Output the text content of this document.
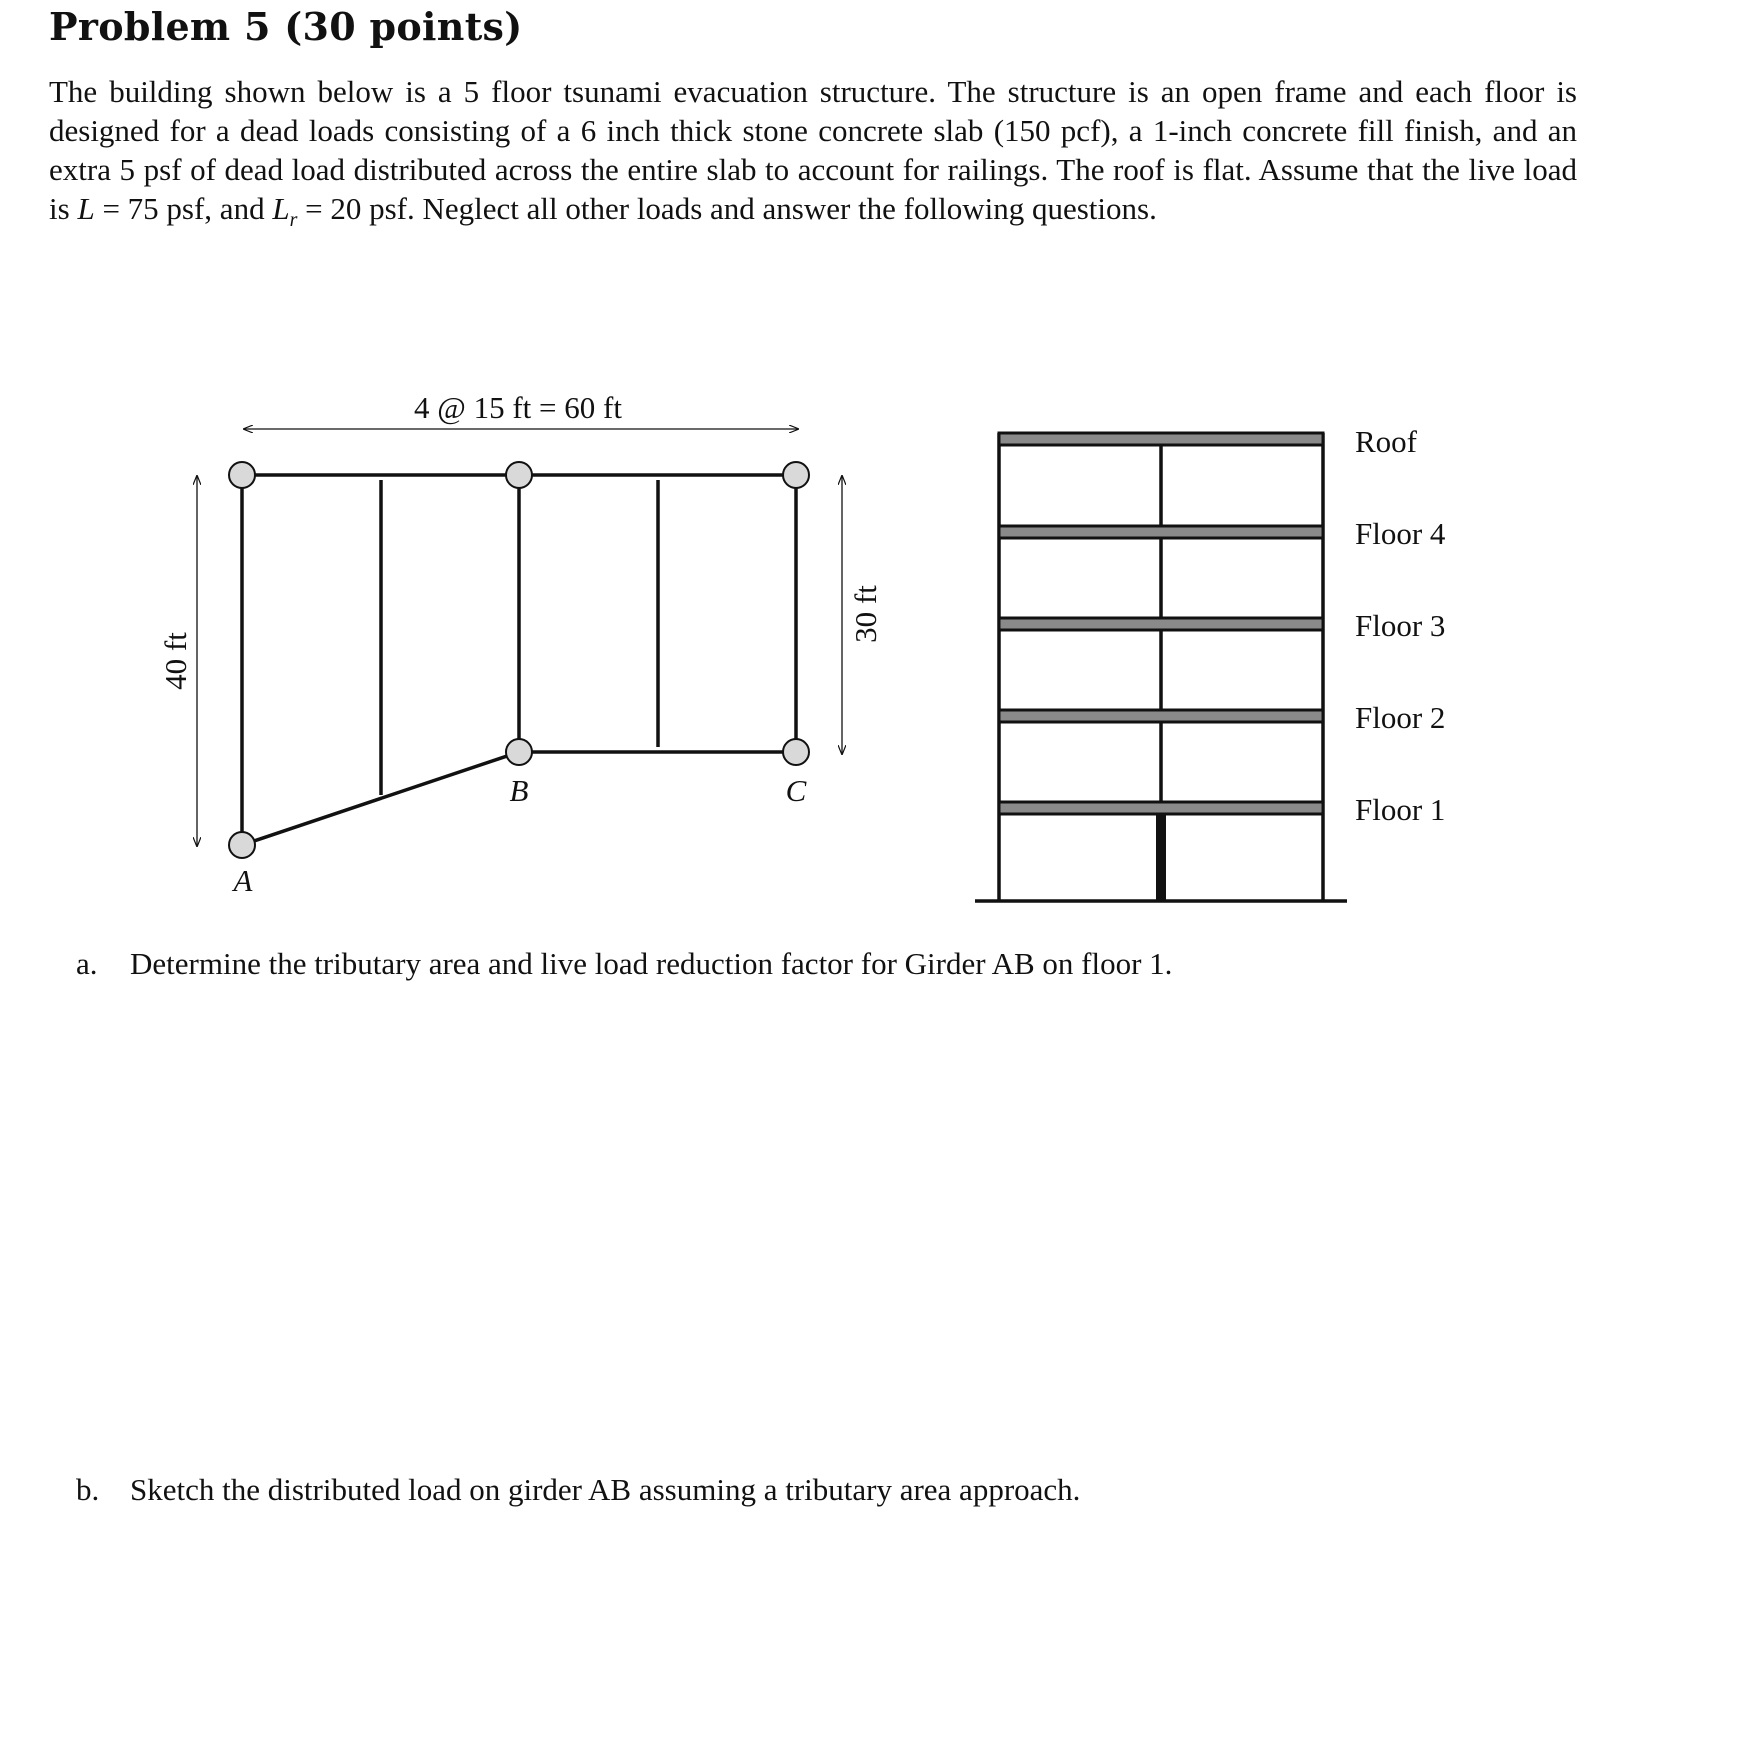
Problem 5 (30 points)

The building shown below is a 5 floor tsunami evacuation structure. The structure is an open frame and each floor is designed for a dead loads consisting of a 6 inch thick stone concrete slab (150 pcf), a 1-inch concrete fill finish, and an extra 5 psf of dead load distributed across the entire slab to account for railings. The roof is flat. Assume that the live load is L = 75 psf, and $L_r = 20$ psf. Neglect all other loads and answer the following questions.

4 @ 15 ft = 60 ft
40 ft
30 ft
A
B	C
Roof
Floor 4
Floor 3
Floor 2
Floor 1

a. Determine the tributary area and live load reduction factor for Girder AB on floor 1.

b. Sketch the distributed load on girder AB assuming a tributary area approach.
